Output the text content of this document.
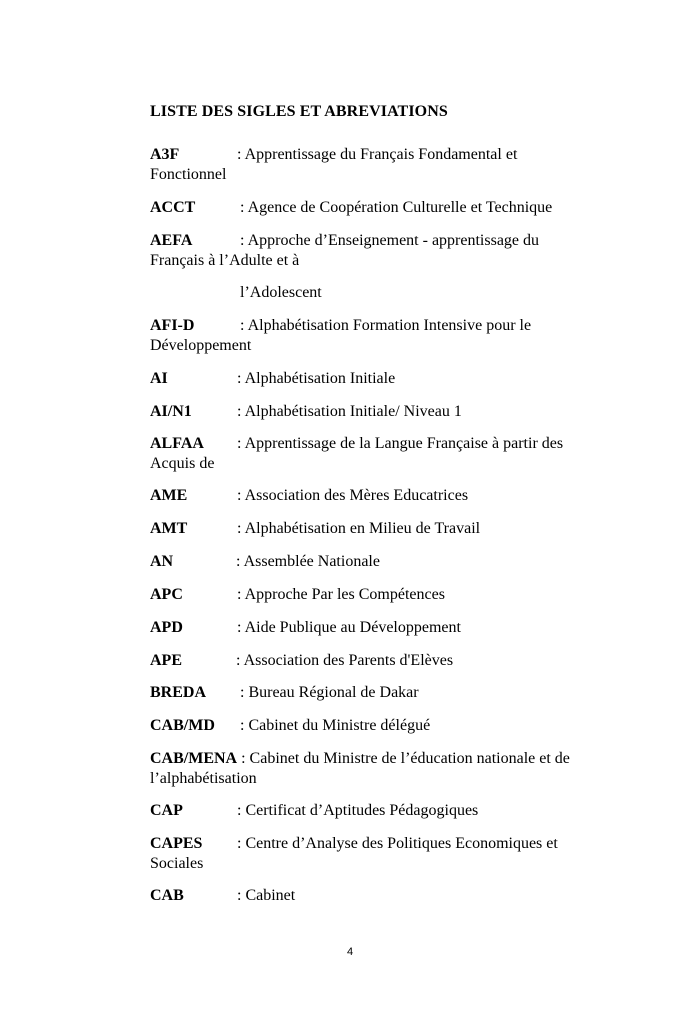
LISTE DES SIGLES ET ABREVIATIONS
A3F	: Apprentissage du Français Fondamental et
Fonctionnel
ACCT	: Agence de Coopération Culturelle et Technique
AEFA	: Approche d’Enseignement - apprentissage du
Français à l’Adulte et à
l’Adolescent
AFI-D	: Alphabétisation Formation Intensive pour le
Développement
AI	: Alphabétisation Initiale
AI/N1	: Alphabétisation Initiale/ Niveau 1
ALFAA : Apprentissage de la Langue Française à partir des
Acquis de
AME	: Association des Mères Educatrices
AMT	: Alphabétisation en Milieu de Travail
AN	: Assemblée Nationale
APC	: Approche Par les Compétences
APD	: Aide Publique au Développement
APE	: Association des Parents d'Elèves
BREDA : Bureau Régional de Dakar
CAB/MD : Cabinet du Ministre délégué
CAB/MENA : Cabinet du Ministre de l’éducation nationale et de
l’alphabétisation
CAP	: Certificat d’Aptitudes Pédagogiques
CAPES : Centre d’Analyse des Politiques Economiques et
Sociales
CAB	: Cabinet
4
